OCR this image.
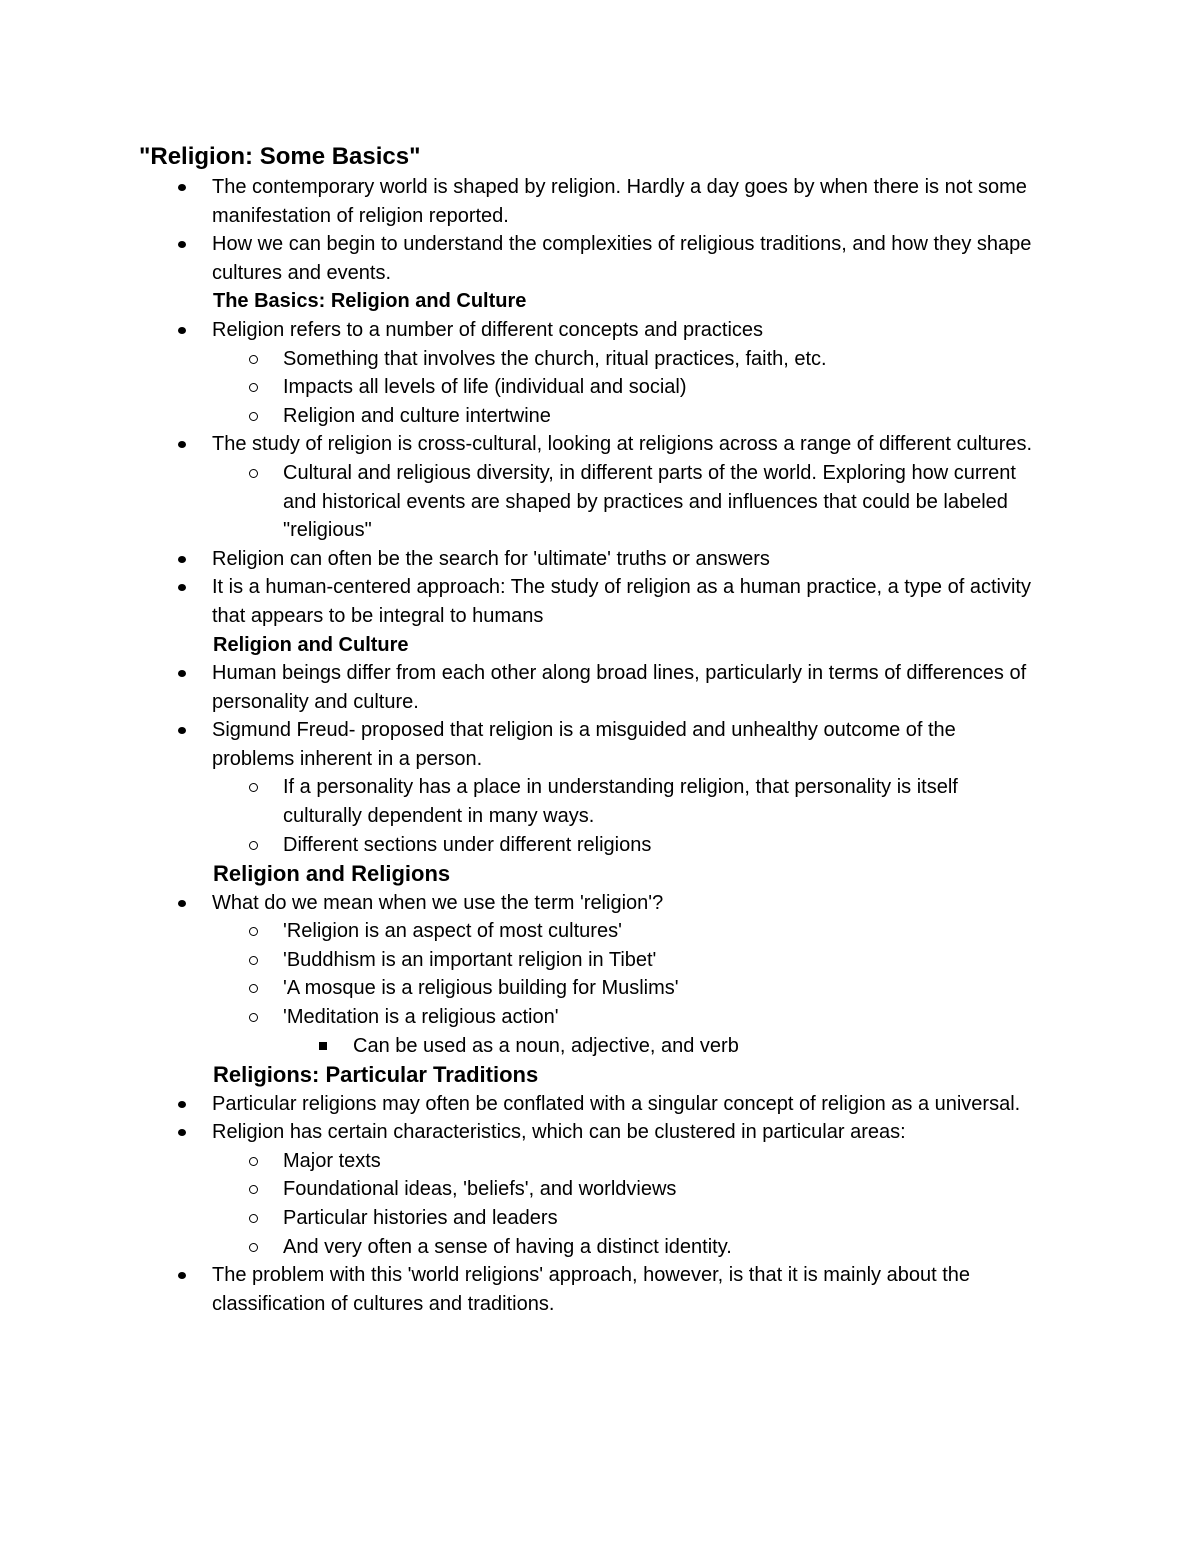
"Religion: Some Basics"
The contemporary world is shaped by religion. Hardly a day goes by when there is not some manifestation of religion reported.
How we can begin to understand the complexities of religious traditions, and how they shape cultures and events.
The Basics: Religion and Culture
Religion refers to a number of different concepts and practices
Something that involves the church, ritual practices, faith, etc.
Impacts all levels of life (individual and social)
Religion and culture intertwine
The study of religion is cross-cultural, looking at religions across a range of different cultures.
Cultural and religious diversity, in different parts of the world. Exploring how current and historical events are shaped by practices and influences that could be labeled "religious"
Religion can often be the search for 'ultimate' truths or answers
It is a human-centered approach: The study of religion as a human practice, a type of activity that appears to be integral to humans
Religion and Culture
Human beings differ from each other along broad lines, particularly in terms of differences of personality and culture.
Sigmund Freud- proposed that religion is a misguided and unhealthy outcome of the problems inherent in a person.
If a personality has a place in understanding religion, that personality is itself culturally dependent in many ways.
Different sections under different religions
Religion and Religions
What do we mean when we use the term 'religion'?
'Religion is an aspect of most cultures'
'Buddhism is an important religion in Tibet'
'A mosque is a religious building for Muslims'
'Meditation is a religious action'
Can be used as a noun, adjective, and verb
Religions: Particular Traditions
Particular religions may often be conflated with a singular concept of religion as a universal.
Religion has certain characteristics, which can be clustered in particular areas:
Major texts
Foundational ideas, 'beliefs', and worldviews
Particular histories and leaders
And very often a sense of having a distinct identity.
The problem with this 'world religions' approach, however, is that it is mainly about the classification of cultures and traditions.
